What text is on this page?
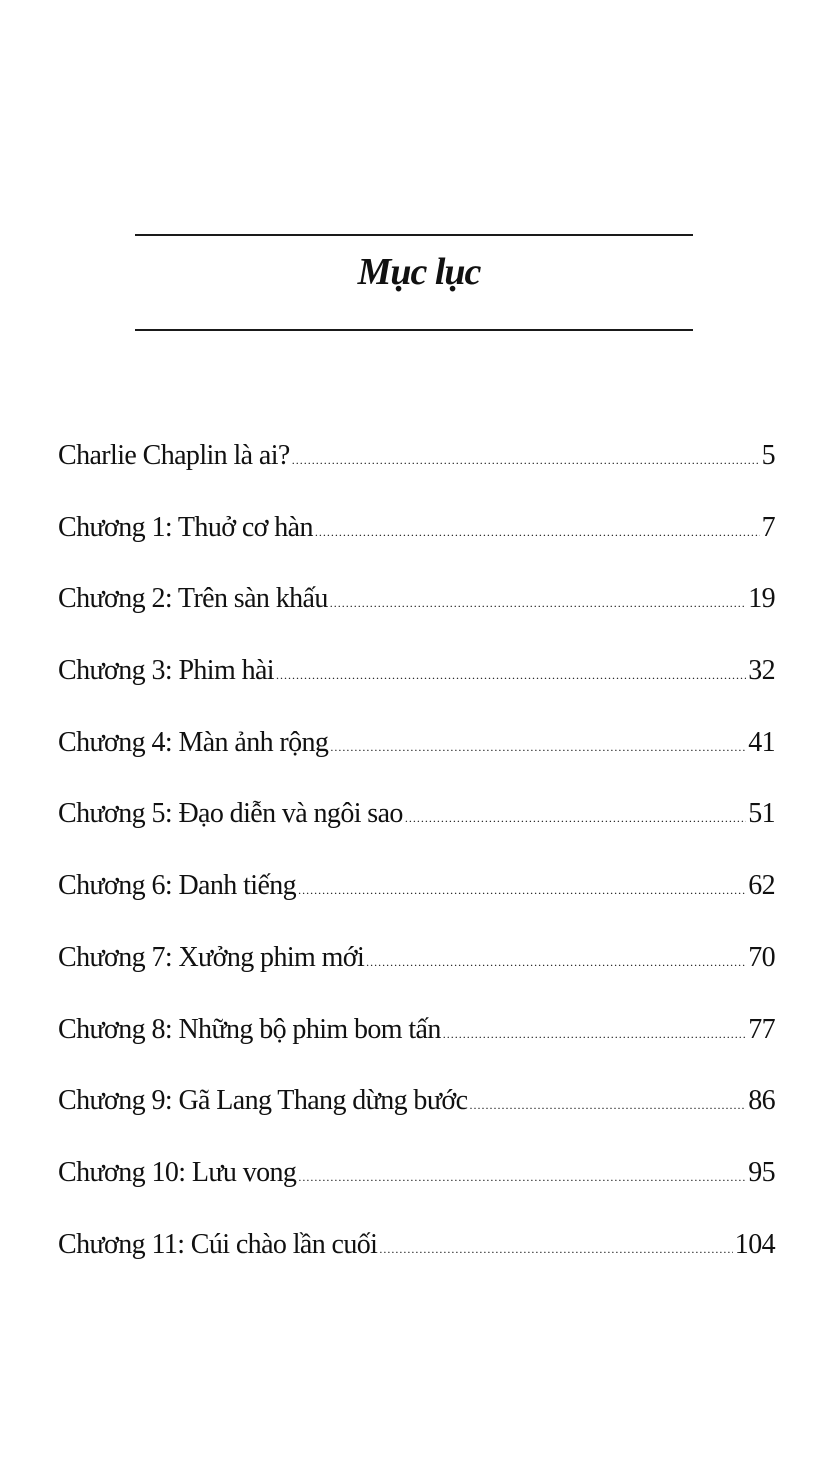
Mục lục
Charlie Chaplin là ai? .....	5
Chương 1: Thuở cơ hàn .....	7
Chương 2: Trên sàn khấu .....	19
Chương 3: Phim hài .....	32
Chương 4: Màn ảnh rộng .....	41
Chương 5: Đạo diễn và ngôi sao .....	51
Chương 6: Danh tiếng .....	62
Chương 7: Xưởng phim mới .....	70
Chương 8: Những bộ phim bom tấn .....	77
Chương 9: Gã Lang Thang dừng bước .....	86
Chương 10: Lưu vong .....	95
Chương 11: Cúi chào lần cuối .....	104
